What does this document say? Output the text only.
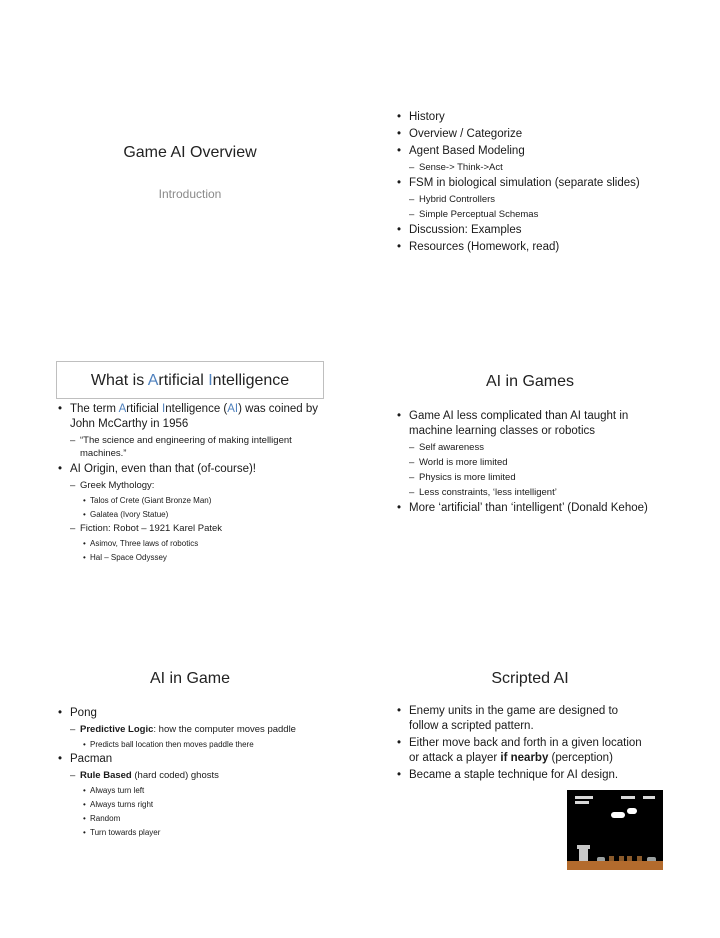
Game AI Overview
Introduction
• History
• Overview / Categorize
• Agent Based Modeling
– Sense-> Think->Act
• FSM in biological simulation (separate slides)
– Hybrid Controllers
– Simple Perceptual Schemas
• Discussion: Examples
• Resources (Homework, read)
What is Artificial Intelligence
• The term Artificial Intelligence (AI) was coined by John McCarthy in 1956
– “The science and engineering of making intelligent machines.”
• AI Origin, even than that (of-course)!
– Greek Mythology:
• Talos of Crete (Giant Bronze Man)
• Galatea (Ivory Statue)
– Fiction: Robot – 1921 Karel Patek
• Asimov, Three laws of robotics
• Hal – Space Odyssey
AI in Games
• Game AI less complicated than AI taught in machine learning classes or robotics
– Self awareness
– World is more limited
– Physics is more limited
– Less constraints, ‘less intelligent’
• More ‘artificial’ than ‘intelligent’ (Donald Kehoe)
AI in Game
• Pong
– Predictive Logic: how the computer moves paddle
• Predicts ball location then moves paddle there
• Pacman
– Rule Based (hard coded) ghosts
• Always turn left
• Always turns right
• Random
• Turn towards player
Scripted AI
• Enemy units in the game are designed to follow a scripted pattern.
• Either move back and forth in a given location or attack a player if nearby (perception)
• Became a staple technique for AI design.
